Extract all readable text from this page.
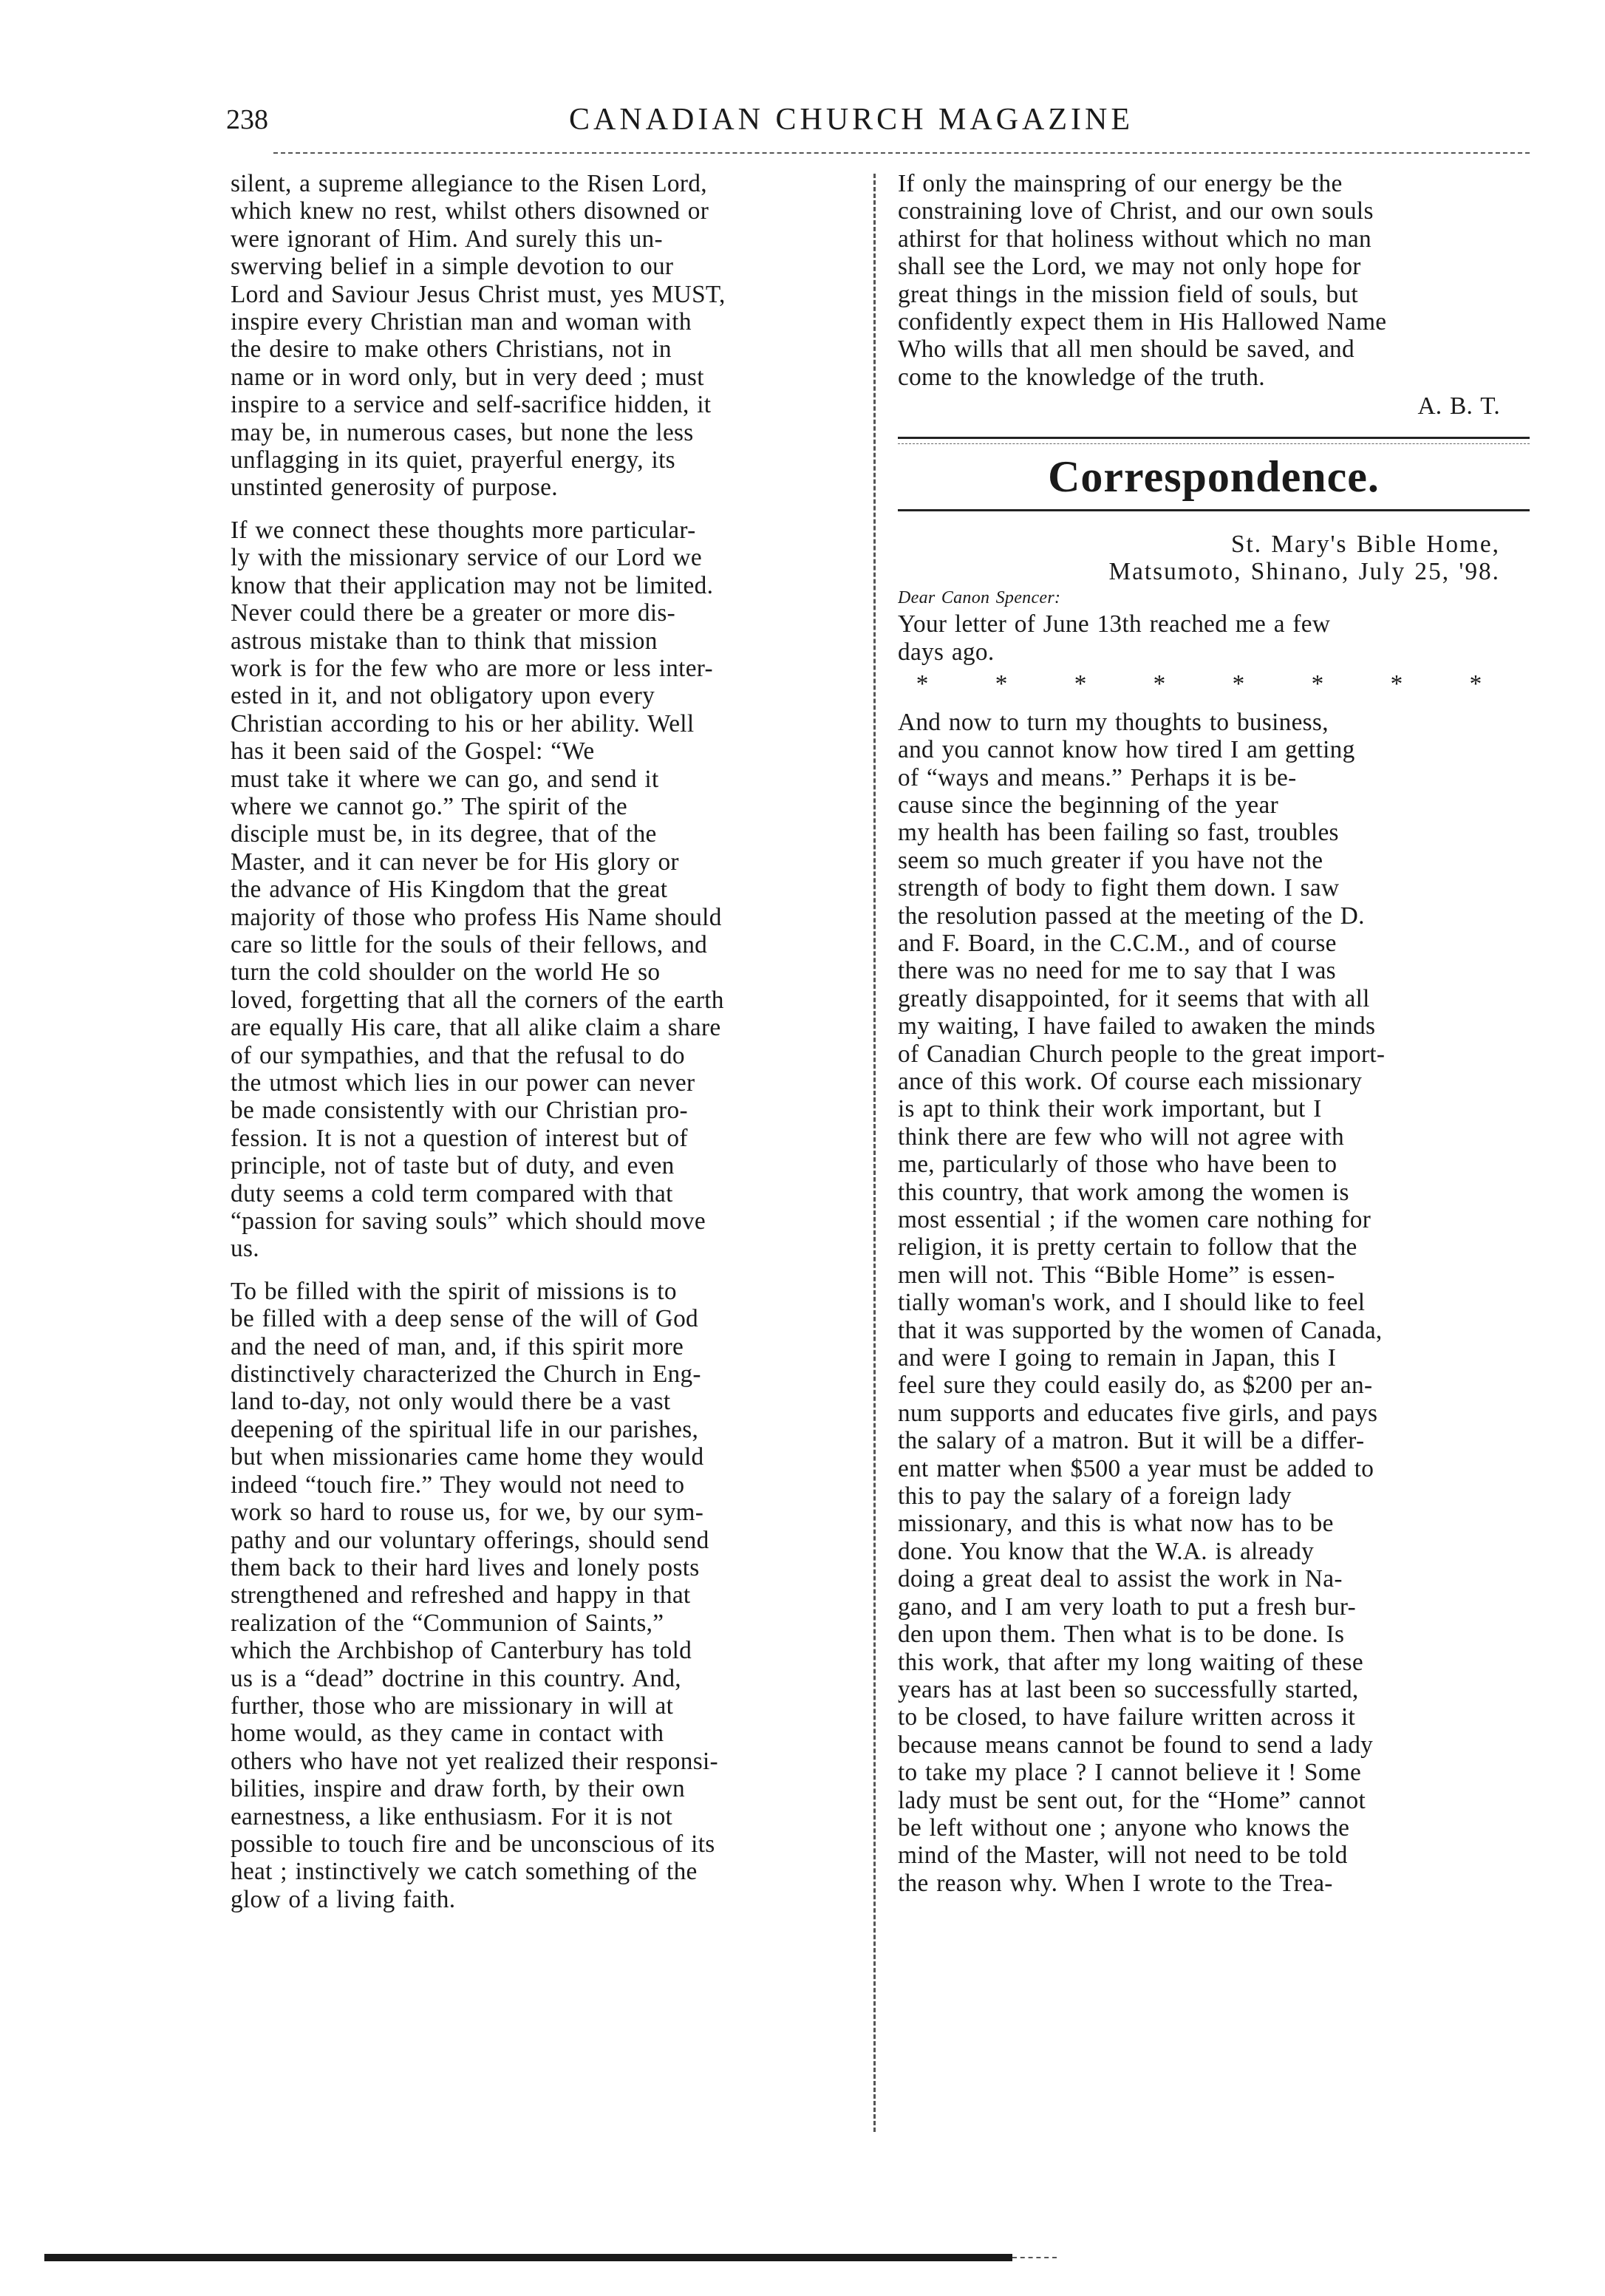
238	CANADIAN CHURCH MAGAZINE
silent, a supreme allegiance to the Risen Lord,
which knew no rest, whilst others disowned or
were ignorant of Him. And surely this un-
swerving belief in a simple devotion to our
Lord and Saviour Jesus Christ must, yes MUST,
inspire every Christian man and woman with
the desire to make others Christians, not in
name or in word only, but in very deed ; must
inspire to a service and self-sacrifice hidden, it
may be, in numerous cases, but none the less
unflagging in its quiet, prayerful energy, its
unstinted generosity of purpose.
If we connect these thoughts more particular-
ly with the missionary service of our Lord we
know that their application may not be limited.
Never could there be a greater or more dis-
astrous mistake than to think that mission
work is for the few who are more or less inter-
ested in it, and not obligatory upon every
Christian according to his or her ability. Well
has it been said of the Gospel: “We
must take it where we can go, and send it
where we cannot go.” The spirit of the
disciple must be, in its degree, that of the
Master, and it can never be for His glory or
the advance of His Kingdom that the great
majority of those who profess His Name should
care so little for the souls of their fellows, and
turn the cold shoulder on the world He so
loved, forgetting that all the corners of the earth
are equally His care, that all alike claim a share
of our sympathies, and that the refusal to do
the utmost which lies in our power can never
be made consistently with our Christian pro-
fession. It is not a question of interest but of
principle, not of taste but of duty, and even
duty seems a cold term compared with that
“passion for saving souls” which should move
us.
To be filled with the spirit of missions is to
be filled with a deep sense of the will of God
and the need of man, and, if this spirit more
distinctively characterized the Church in Eng-
land to-day, not only would there be a vast
deepening of the spiritual life in our parishes,
but when missionaries came home they would
indeed “touch fire.” They would not need to
work so hard to rouse us, for we, by our sym-
pathy and our voluntary offerings, should send
them back to their hard lives and lonely posts
strengthened and refreshed and happy in that
realization of the “Communion of Saints,”
which the Archbishop of Canterbury has told
us is a “dead” doctrine in this country. And,
further, those who are missionary in will at
home would, as they came in contact with
others who have not yet realized their responsi-
bilities, inspire and draw forth, by their own
earnestness, a like enthusiasm. For it is not
possible to touch fire and be unconscious of its
heat ; instinctively we catch something of the
glow of a living faith.
If only the mainspring of our energy be the
constraining love of Christ, and our own souls
athirst for that holiness without which no man
shall see the Lord, we may not only hope for
great things in the mission field of souls, but
confidently expect them in His Hallowed Name
Who wills that all men should be saved, and
come to the knowledge of the truth.
A. B. T.
Correspondence.
St. Mary's Bible Home,
Matsumoto, Shinano, July 25, '98.
Dear Canon Spencer:
Your letter of June 13th reached me a few
days ago.
* * * * * * * *
And now to turn my thoughts to business,
and you cannot know how tired I am getting
of “ways and means.” Perhaps it is be-
cause since the beginning of the year
my health has been failing so fast, troubles
seem so much greater if you have not the
strength of body to fight them down. I saw
the resolution passed at the meeting of the D.
and F. Board, in the C.C.M., and of course
there was no need for me to say that I was
greatly disappointed, for it seems that with all
my waiting, I have failed to awaken the minds
of Canadian Church people to the great import-
ance of this work. Of course each missionary
is apt to think their work important, but I
think there are few who will not agree with
me, particularly of those who have been to
this country, that work among the women is
most essential ; if the women care nothing for
religion, it is pretty certain to follow that the
men will not. This “Bible Home” is essen-
tially woman's work, and I should like to feel
that it was supported by the women of Canada,
and were I going to remain in Japan, this I
feel sure they could easily do, as $200 per an-
num supports and educates five girls, and pays
the salary of a matron. But it will be a differ-
ent matter when $500 a year must be added to
this to pay the salary of a foreign lady
missionary, and this is what now has to be
done. You know that the W.A. is already
doing a great deal to assist the work in Na-
gano, and I am very loath to put a fresh bur-
den upon them. Then what is to be done. Is
this work, that after my long waiting of these
years has at last been so successfully started,
to be closed, to have failure written across it
because means cannot be found to send a lady
to take my place ? I cannot believe it ! Some
lady must be sent out, for the “Home” cannot
be left without one ; anyone who knows the
mind of the Master, will not need to be told
the reason why. When I wrote to the Trea-
